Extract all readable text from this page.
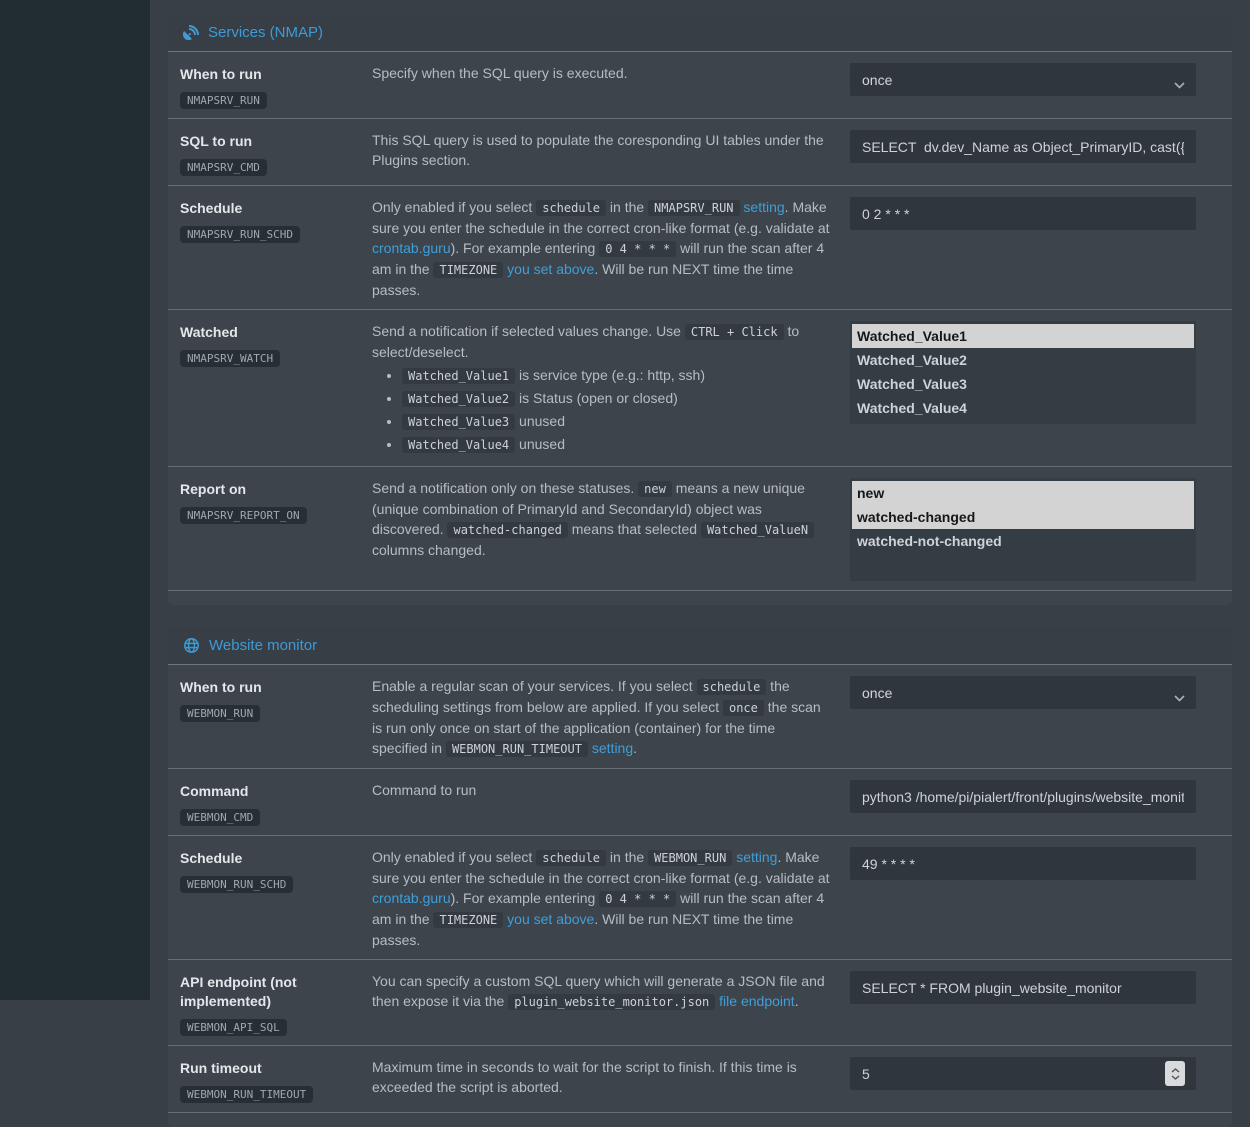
Services (NMAP)
When to run
NMAPSRV_RUN
Specify when the SQL query is executed.	once
SQL to run
NMAPSRV_CMD
This SQL query is used to populate the coresponding UI tables under the Plugins section.
SELECT dv.dev_Name as Object_PrimaryID, cast({s-quote
Schedule
NMAPSRV_RUN_SCHD
Only enabled if you select schedule in the NMAPSRV_RUN setting. Make sure you enter the schedule in the correct cron-like format (e.g. validate at crontab.guru). For example entering 0 4 * * * will run the scan after 4 am in the TIMEZONE you set above. Will be run NEXT time the time passes.
0 2 * * *
Watched
NMAPSRV_WATCH
Send a notification if selected values change. Use CTRL + Click to select/deselect.
• Watched_Value1 is service type (e.g.: http, ssh)
• Watched_Value2 is Status (open or closed)
• Watched_Value3 unused
• Watched_Value4 unused
Watched_Value1
Watched_Value2
Watched_Value3
Watched_Value4
Report on
NMAPSRV_REPORT_ON
Send a notification only on these statuses. new means a new unique (unique combination of PrimaryId and SecondaryId) object was discovered. watched-changed means that selected Watched_ValueN columns changed.
new
watched-changed
watched-not-changed
Website monitor
When to run
WEBMON_RUN
Enable a regular scan of your services. If you select schedule the scheduling settings from below are applied. If you select once the scan is run only once on start of the application (container) for the time specified in WEBMON_RUN_TIMEOUT setting.
once
Command
WEBMON_CMD
Command to run
python3 /home/pi/pialert/front/plugins/website_monitor
Schedule
WEBMON_RUN_SCHD
Only enabled if you select schedule in the WEBMON_RUN setting. Make sure you enter the schedule in the correct cron-like format (e.g. validate at crontab.guru). For example entering 0 4 * * * will run the scan after 4 am in the TIMEZONE you set above. Will be run NEXT time the time passes.
49 * * * *
API endpoint (not implemented)
WEBMON_API_SQL
You can specify a custom SQL query which will generate a JSON file and then expose it via the plugin_website_monitor.json file endpoint.
SELECT * FROM plugin_website_monitor
Run timeout
WEBMON_RUN_TIMEOUT
Maximum time in seconds to wait for the script to finish. If this time is exceeded the script is aborted.
5
